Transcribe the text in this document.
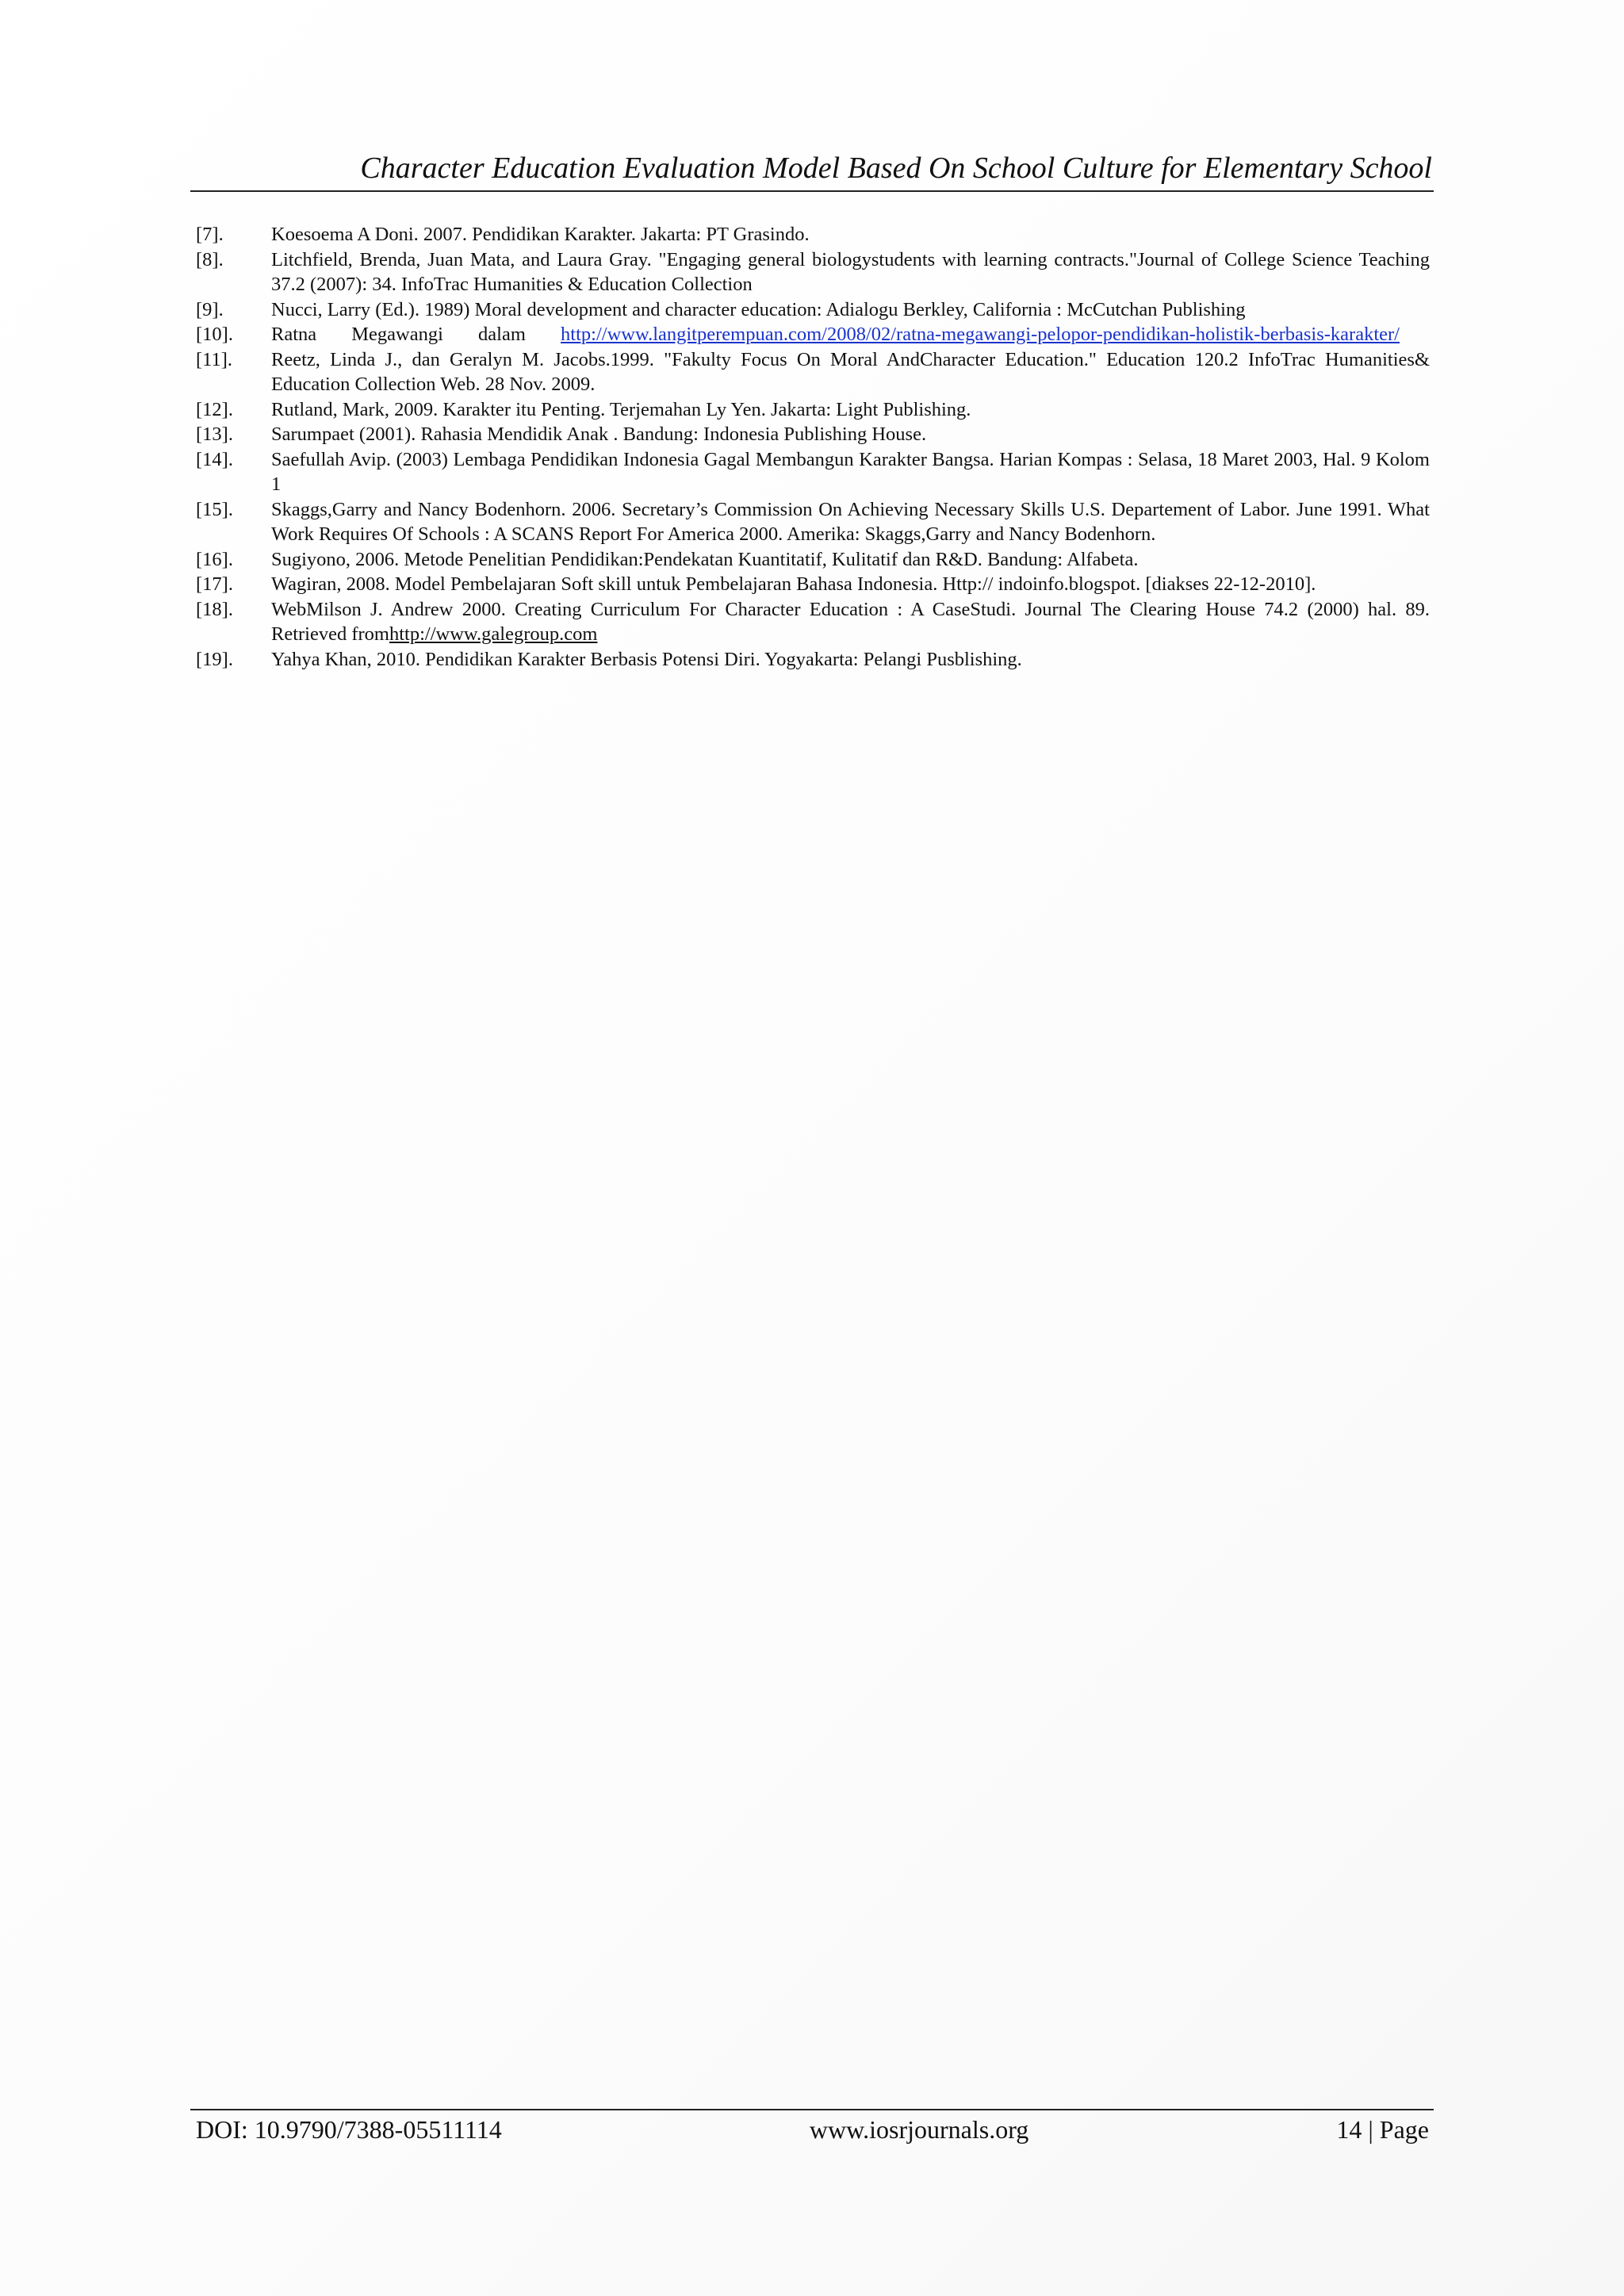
Character Education Evaluation Model Based On School Culture for Elementary School
[7].	Koesoema A Doni. 2007. Pendidikan Karakter. Jakarta: PT Grasindo.
[8].	Litchfield, Brenda, Juan Mata, and Laura Gray. "Engaging general biologystudents with learning contracts."Journal of College Science Teaching 37.2 (2007): 34. InfoTrac Humanities & Education Collection
[9].	Nucci, Larry (Ed.). 1989) Moral development and character education: Adialogu Berkley, California : McCutchan Publishing
[10].	Ratna Megawangi dalam http://www.langitperempuan.com/2008/02/ratna-megawangi-pelopor-pendidikan-holistik-berbasis-karakter/
[11].	Reetz, Linda J., dan Geralyn M. Jacobs.1999. "Fakulty Focus On Moral AndCharacter Education." Education 120.2 InfoTrac Humanities& Education Collection Web. 28 Nov. 2009.
[12].	Rutland, Mark, 2009. Karakter itu Penting. Terjemahan Ly Yen. Jakarta: Light Publishing.
[13].	Sarumpaet (2001). Rahasia Mendidik Anak . Bandung: Indonesia Publishing House.
[14].	Saefullah Avip. (2003) Lembaga Pendidikan Indonesia Gagal Membangun Karakter Bangsa. Harian Kompas : Selasa, 18 Maret 2003, Hal. 9 Kolom 1
[15].	Skaggs,Garry and Nancy Bodenhorn. 2006. Secretary’s Commission On Achieving Necessary Skills U.S. Departement of Labor. June 1991. What Work Requires Of Schools : A SCANS Report For America 2000. Amerika: Skaggs,Garry and Nancy Bodenhorn.
[16].	Sugiyono, 2006. Metode Penelitian Pendidikan:Pendekatan Kuantitatif, Kulitatif dan R&D. Bandung: Alfabeta.
[17].	Wagiran, 2008. Model Pembelajaran Soft skill untuk Pembelajaran Bahasa Indonesia. Http:// indoinfo.blogspot. [diakses 22-12-2010].
[18].	WebMilson J. Andrew 2000. Creating Curriculum For Character Education : A CaseStudi. Journal The Clearing House 74.2 (2000) hal. 89. Retrieved fromhttp://www.galegroup.com
[19].	Yahya Khan, 2010. Pendidikan Karakter Berbasis Potensi Diri. Yogyakarta: Pelangi Pusblishing.
DOI: 10.9790/7388-05511114	www.iosrjournals.org	14 | Page
